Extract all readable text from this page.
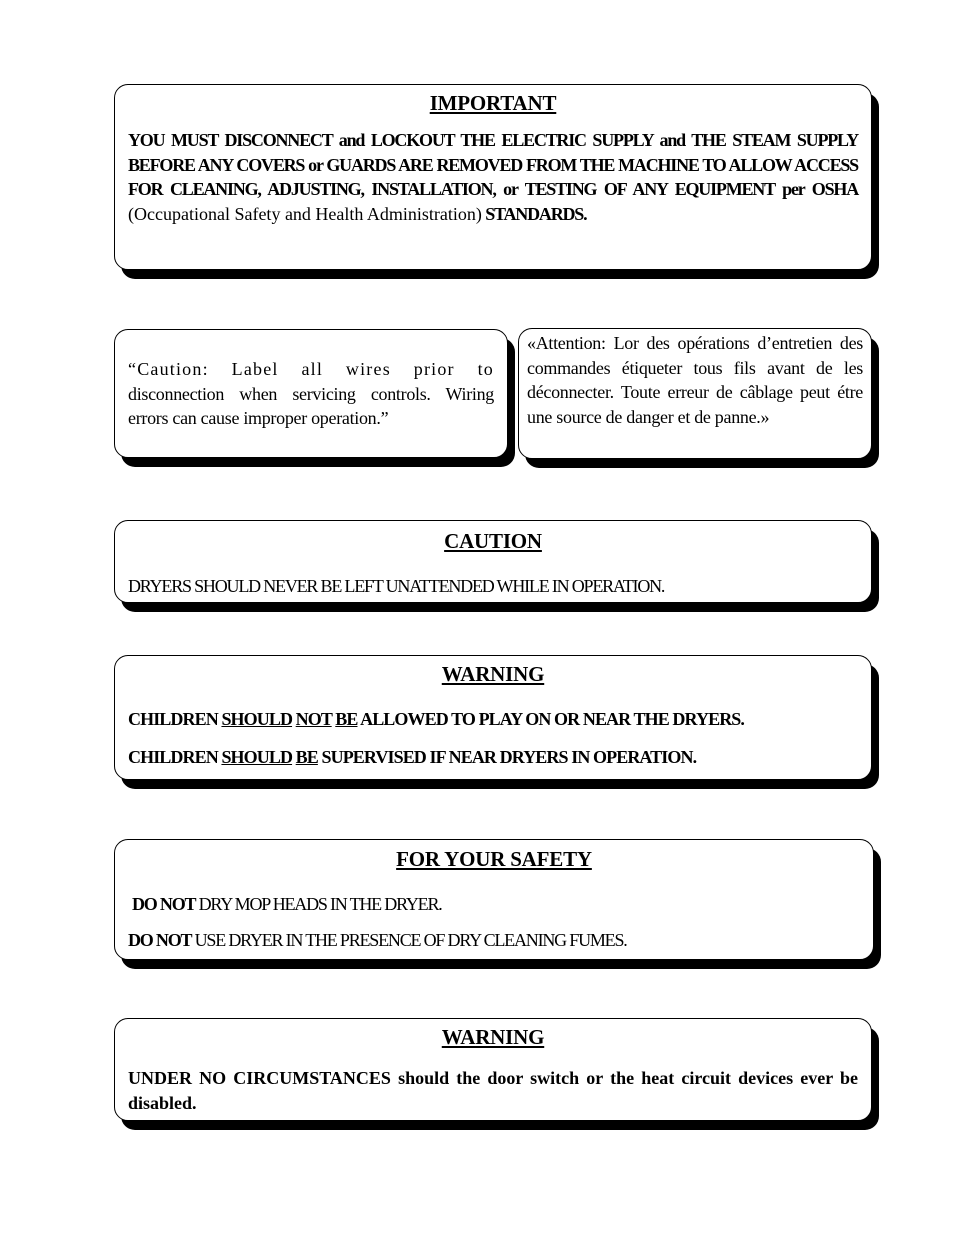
IMPORTANT
YOU MUST DISCONNECT and LOCKOUT THE ELECTRIC SUPPLY and THE STEAM SUPPLY BEFORE ANY COVERS or GUARDS ARE REMOVED FROM THE MACHINE TO ALLOW ACCESS FOR CLEANING, ADJUSTING, INSTALLATION, or TESTING OF ANY EQUIPMENT per OSHA (Occupational Safety and Health Administration) STANDARDS.
“Caution: Label all wires prior to
disconnection when servicing controls. Wiring errors can cause improper operation.”
«Attention: Lor des opérations d’entretien des commandes étiqueter tous fils avant de les déconnecter. Toute erreur de câblage peut étre une source de danger et de panne.»
CAUTION
DRYERS SHOULD NEVER BE LEFT UNATTENDED WHILE IN OPERATION.
WARNING
CHILDREN SHOULD NOT BE ALLOWED TO PLAY ON OR NEAR THE DRYERS.
CHILDREN SHOULD BE SUPERVISED IF NEAR DRYERS IN OPERATION.
FOR YOUR SAFETY
DO NOT DRY MOP HEADS IN THE DRYER.
DO NOT USE DRYER IN THE PRESENCE OF DRY CLEANING FUMES.
WARNING
UNDER NO CIRCUMSTANCES should the door switch or the heat circuit devices ever be disabled.
